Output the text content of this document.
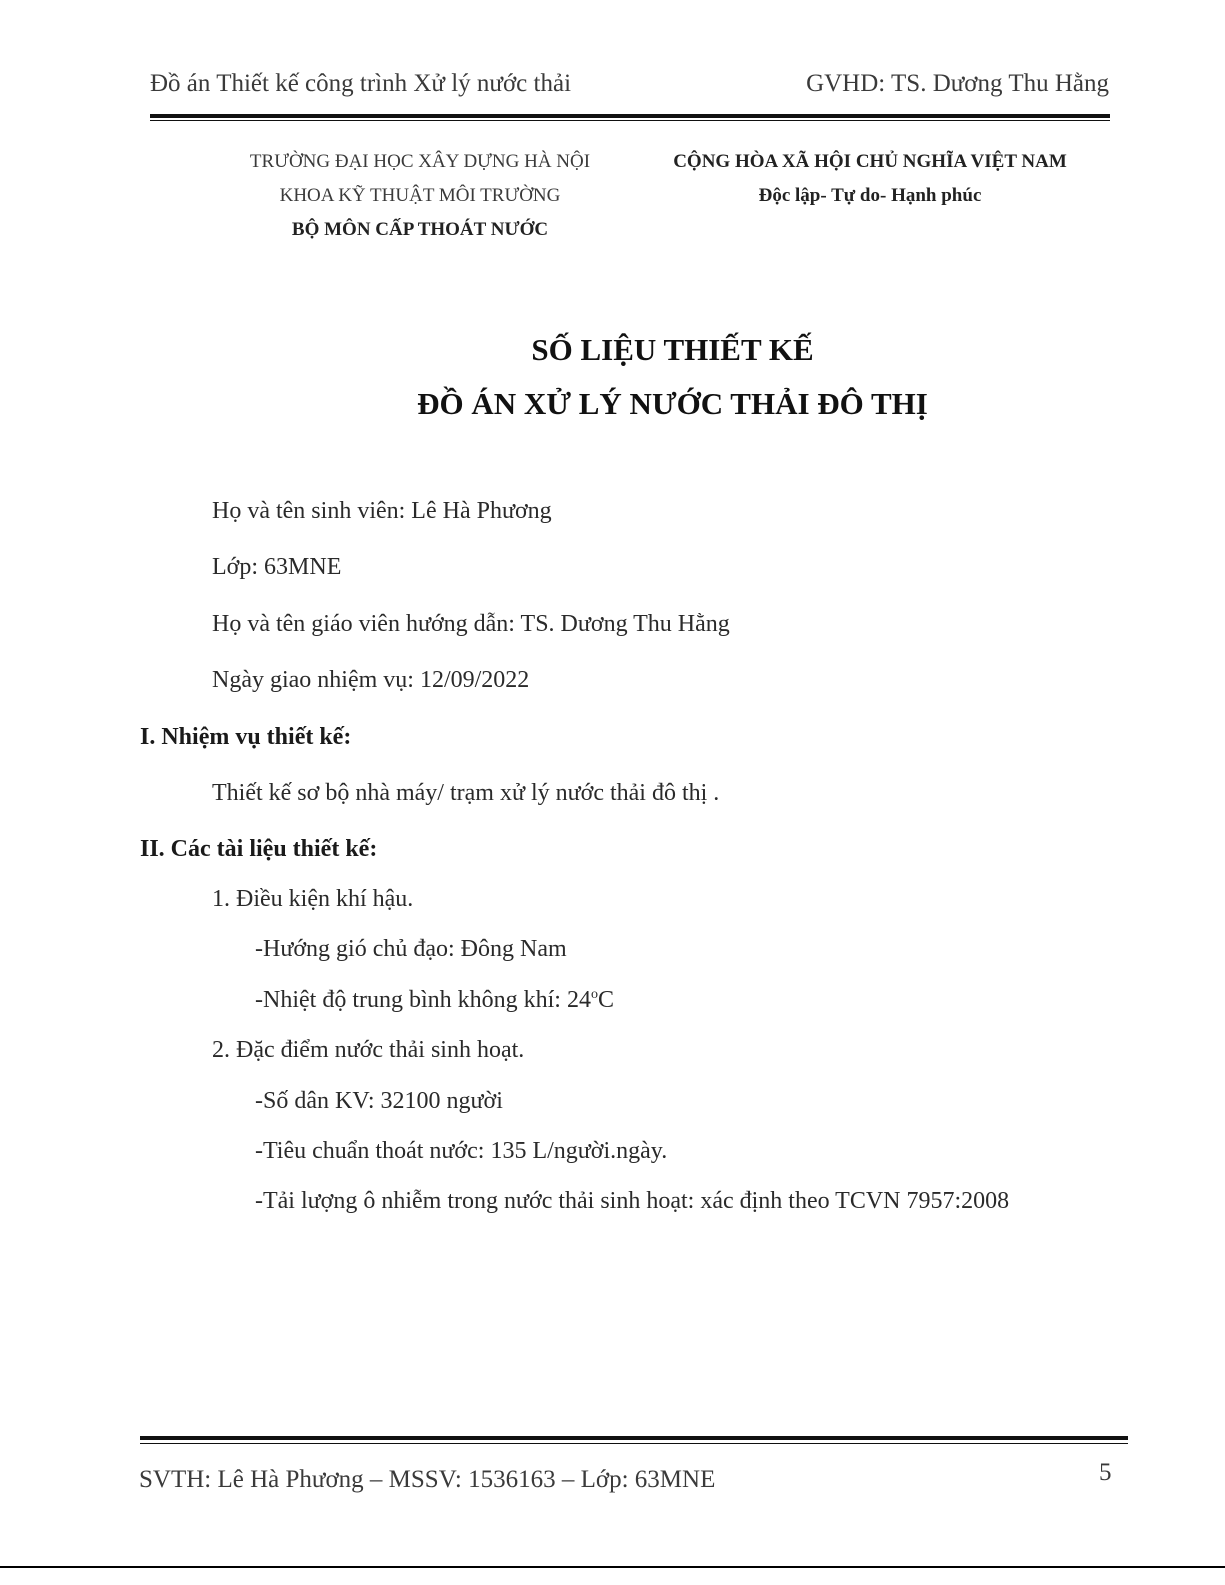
Đồ án Thiết kế công trình Xử lý nước thải	GVHD: TS. Dương Thu Hằng
TRƯỜNG ĐẠI HỌC XÂY DỰNG HÀ NỘI
KHOA KỸ THUẬT MÔI TRƯỜNG
BỘ MÔN CẤP THOÁT NƯỚC
CỘNG HÒA XÃ HỘI CHỦ NGHĨA VIỆT NAM
Độc lập- Tự do- Hạnh phúc
SỐ LIỆU THIẾT KẾ
ĐỒ ÁN XỬ LÝ NƯỚC THẢI ĐÔ THỊ
Họ và tên sinh viên: Lê Hà Phương
Lớp: 63MNE
Họ và tên giáo viên hướng dẫn: TS. Dương Thu Hằng
Ngày giao nhiệm vụ: 12/09/2022
I. Nhiệm vụ thiết kế:
Thiết kế sơ bộ nhà máy/ trạm xử lý nước thải đô thị .
II. Các tài liệu thiết kế:
1. Điều kiện khí hậu.
-Hướng gió chủ đạo: Đông Nam
-Nhiệt độ trung bình không khí: 24$^o$C
2. Đặc điểm nước thải sinh hoạt.
-Số dân KV: 32100 người
-Tiêu chuẩn thoát nước: 135 L/người.ngày.
-Tải lượng ô nhiễm trong nước thải sinh hoạt: xác định theo TCVN 7957:2008
SVTH: Lê Hà Phương – MSSV: 1536163 – Lớp: 63MNE	5
